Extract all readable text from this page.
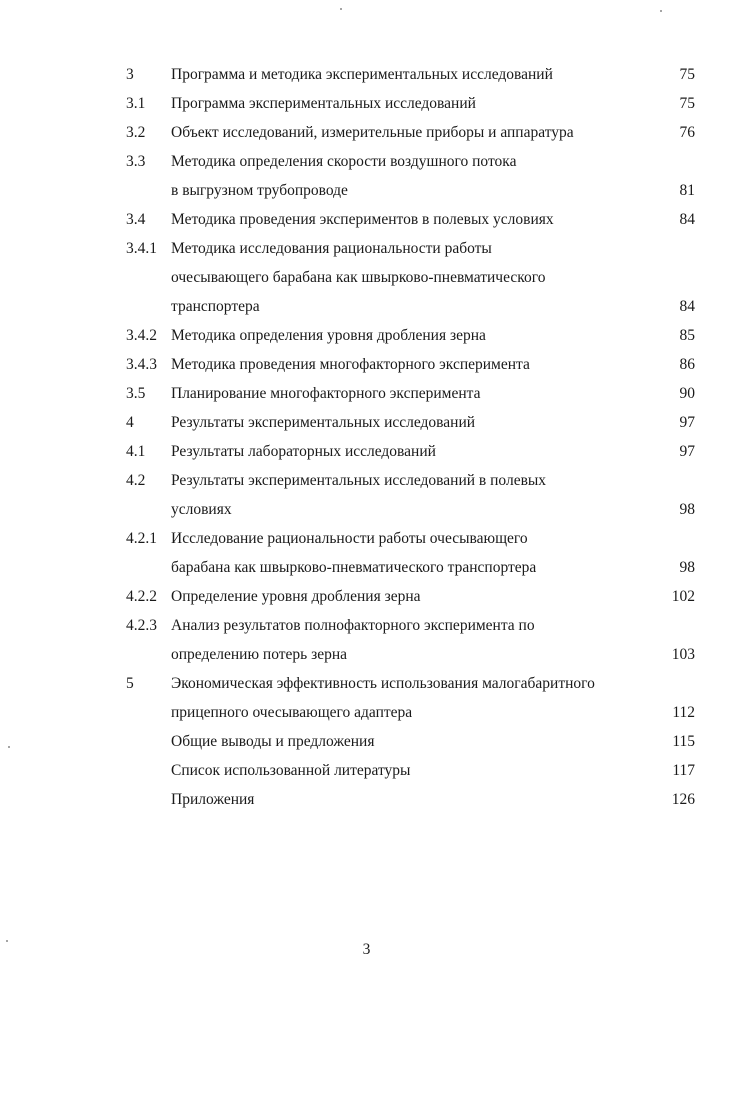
3 Программа и методика экспериментальных исследований	75
3.1 Программа экспериментальных исследований	75
3.2 Объект исследований, измерительные приборы и аппаратура	76
3.3 Методика определения скорости воздушного потока
в выгрузном трубопроводе	81
3.4 Методика проведения экспериментов в полевых условиях	84
3.4.1 Методика исследования рациональности работы
очесывающего барабана как швырково-пневматического
транспортера	84
3.4.2 Методика определения уровня дробления зерна	85
3.4.3 Методика проведения многофакторного эксперимента	86
3.5 Планирование многофакторного эксперимента	90
4 Результаты экспериментальных исследований	97
4.1 Результаты лабораторных исследований	97
4.2 Результаты экспериментальных исследований в полевых
условиях	98
4.2.1 Исследование рациональности работы очесывающего
барабана как швырково-пневматического транспортера	98
4.2.2 Определение уровня дробления зерна	102
4.2.3 Анализ результатов полнофакторного эксперимента по
определению потерь зерна	103
5 Экономическая эффективность использования малогабаритного
прицепного очесывающего адаптера	112
Общие выводы и предложения	115
Список использованной литературы	117
Приложения	126
3
